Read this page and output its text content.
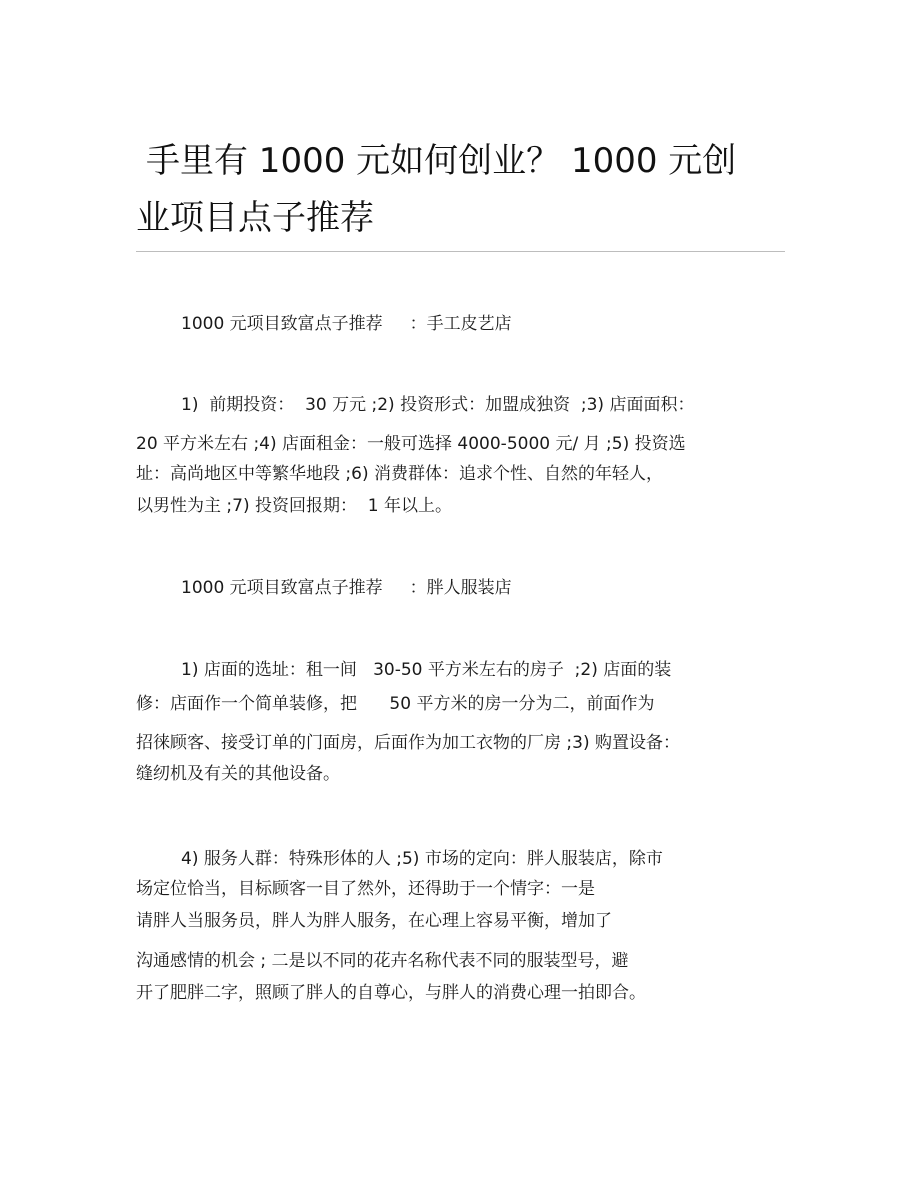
手里有 1000 元如何创业？ 1000 元创
业项目点子推荐
1000 元项目致富点子推荐     ：手工皮艺店
1)  前期投资：  30 万元 ;2) 投资形式：加盟成独资  ;3) 店面面积：
20 平方米左右 ;4) 店面租金：一般可选择 4000-5000 元/ 月 ;5) 投资选
址：高尚地区中等繁华地段 ;6) 消费群体：追求个性、自然的年轻人，
以男性为主 ;7) 投资回报期：  1 年以上。
1000 元项目致富点子推荐     ：胖人服装店
1) 店面的选址：租一间   30-50 平方米左右的房子  ;2) 店面的装
修：店面作一个简单装修，把      50 平方米的房一分为二，前面作为
招徕顾客、接受订单的门面房，后面作为加工衣物的厂房 ;3) 购置设备：
缝纫机及有关的其他设备。
4) 服务人群：特殊形体的人 ;5) 市场的定向：胖人服装店，除市
场定位恰当，目标顾客一目了然外，还得助于一个情字：一是
请胖人当服务员，胖人为胖人服务，在心理上容易平衡，增加了
沟通感情的机会 ; 二是以不同的花卉名称代表不同的服装型号，避
开了肥胖二字，照顾了胖人的自尊心，与胖人的消费心理一拍即合。
